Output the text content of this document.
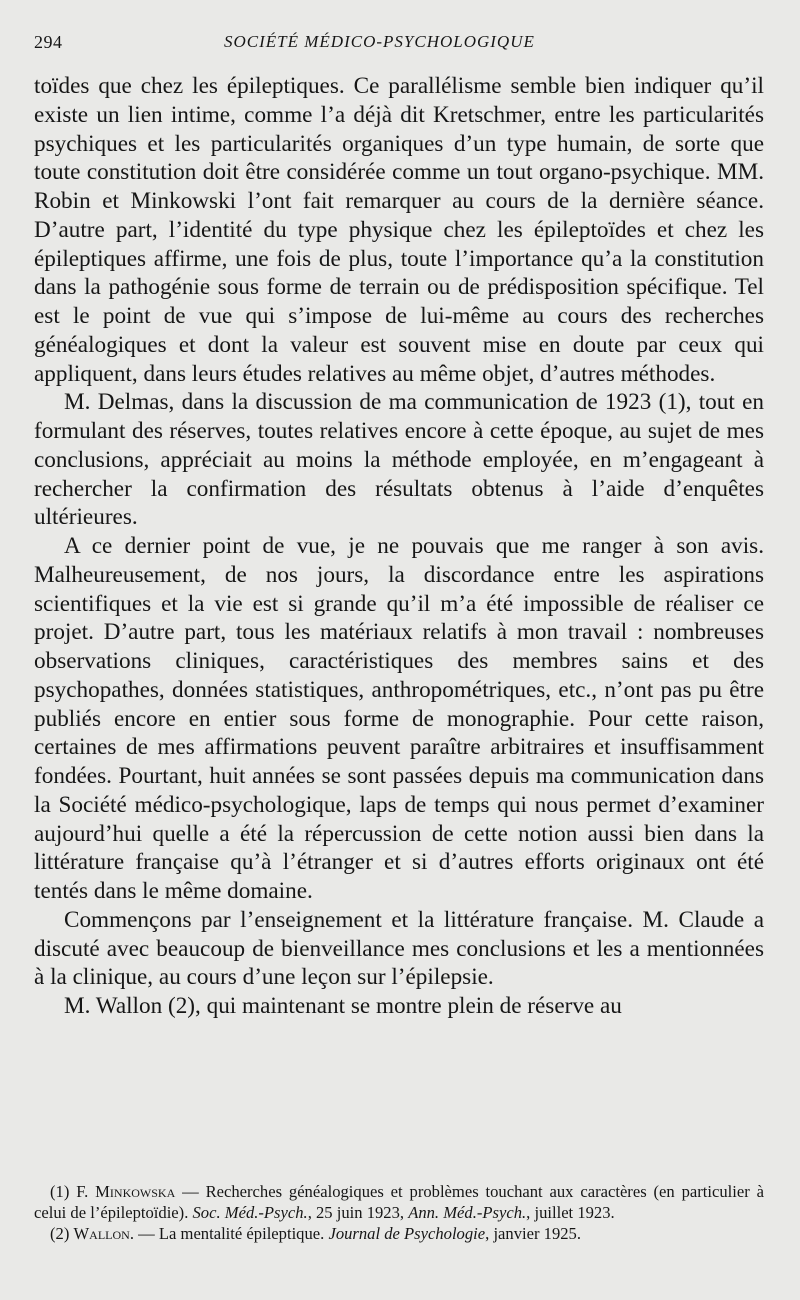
294	SOCIÉTÉ MÉDICO-PSYCHOLOGIQUE

toïdes que chez les épileptiques. Ce parallélisme semble bien indiquer qu’il existe un lien intime, comme l’a déjà dit Kretschmer, entre les particularités psychiques et les particularités organiques d’un type humain, de sorte que toute constitution doit être considérée comme un tout organo-psychique. MM. Robin et Minkowski l’ont fait remarquer au cours de la dernière séance. D’autre part, l’identité du type physique chez les épileptoïdes et chez les épileptiques affirme, une fois de plus, toute l’importance qu’a la constitution dans la pathogénie sous forme de terrain ou de prédisposition spécifique. Tel est le point de vue qui s’impose de lui-même au cours des recherches généalogiques et dont la valeur est souvent mise en doute par ceux qui appliquent, dans leurs études relatives au même objet, d’autres méthodes.

M. Delmas, dans la discussion de ma communication de 1923 (1), tout en formulant des réserves, toutes relatives encore à cette époque, au sujet de mes conclusions, appréciait au moins la méthode employée, en m’engageant à rechercher la confirmation des résultats obtenus à l’aide d’enquêtes ultérieures.

A ce dernier point de vue, je ne pouvais que me ranger à son avis. Malheureusement, de nos jours, la discordance entre les aspirations scientifiques et la vie est si grande qu’il m’a été impossible de réaliser ce projet. D’autre part, tous les matériaux relatifs à mon travail : nombreuses observations cliniques, caractéristiques des membres sains et des psychopathes, données statistiques, anthropométriques, etc., n’ont pas pu être publiés encore en entier sous forme de monographie. Pour cette raison, certaines de mes affirmations peuvent paraître arbitraires et insuffisamment fondées. Pourtant, huit années se sont passées depuis ma communication dans la Société médico-psychologique, laps de temps qui nous permet d’examiner aujourd’hui quelle a été la répercussion de cette notion aussi bien dans la littérature française qu’à l’étranger et si d’autres efforts originaux ont été tentés dans le même domaine.

Commençons par l’enseignement et la littérature française. M. Claude a discuté avec beaucoup de bienveillance mes conclusions et les a mentionnées à la clinique, au cours d’une leçon sur l’épilepsie.

M. Wallon (2), qui maintenant se montre plein de réserve au

(1) F. Minkowska — Recherches généalogiques et problèmes touchant aux caractères (en particulier à celui de l’épileptoïdie). Soc. Méd.-Psych., 25 juin 1923, Ann. Méd.-Psych., juillet 1923.

(2) Wallon. — La mentalité épileptique. Journal de Psychologie, janvier 1925.
